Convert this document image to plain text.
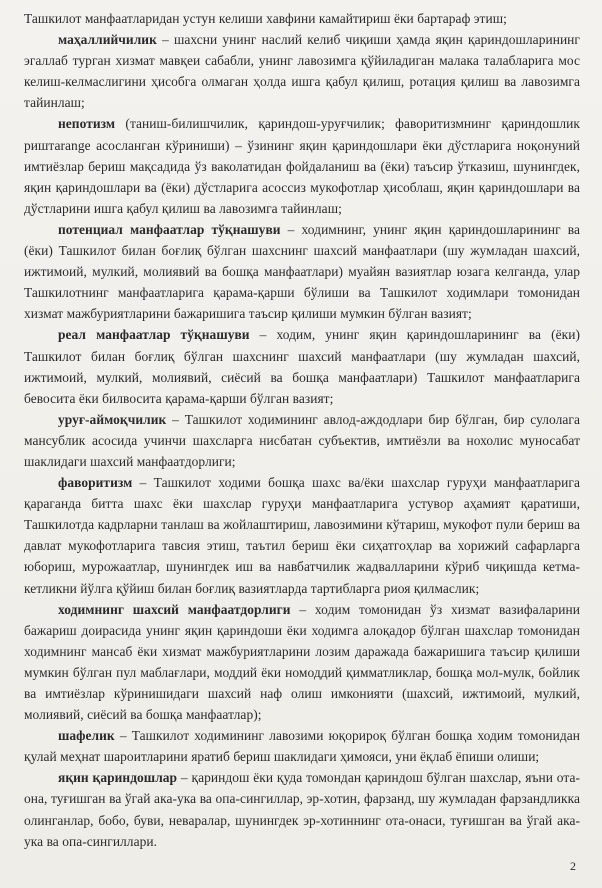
Ташкилот манфаатларидан устун келиши хавфини камайтириш ёки бартараф этиш;

маҳаллийчилик – шахсни унинг наслий келиб чиқиши ҳамда яқин қариндошларининг эгаллаб турган хизмат мавқеи сабабли, унинг лавозимга қўйиладиган малака талабларига мос келиш-келмаслигини ҳисобга олмаган ҳолда ишга қабул қилиш, ротация қилиш ва лавозимга тайинлаш;

непотизм (таниш-билишчилик, қариндош-уруғчилик; фаворитизмнинг қариндошлик риштаrange асосланган кўриниши) – ўзининг яқин қариндошлари ёки дўстларига ноқонуний имтиёзлар бериш мақсадида ўз ваколатидан фойдаланиш ва (ёки) таъсир ўтказиш, шунингдек, яқин қариндошлари ва (ёки) дўстларига асоссиз мукофотлар ҳисоблаш, яқин қариндошлари ва дўстларини ишга қабул қилиш ва лавозимга тайинлаш;

потенциал манфаатлар тўқнашуви – ходимнинг, унинг яқин қариндошларининг ва (ёки) Ташкилот билан боғлиқ бўлган шахснинг шахсий манфаатлари (шу жумладан шахсий, ижтимоий, мулкий, молиявий ва бошқа манфаатлари) муайян вазиятлар юзага келганда, улар Ташкилотнинг манфаатларига қарама-қарши бўлиши ва Ташкилот ходимлари томонидан хизмат мажбуриятларини бажаришига таъсир қилиши мумкин бўлган вазият;

реал манфаатлар тўқнашуви – ходим, унинг яқин қариндошларининг ва (ёки) Ташкилот билан боғлиқ бўлган шахснинг шахсий манфаатлари (шу жумладан шахсий, ижтимоий, мулкий, молиявий, сиёсий ва бошқа манфаатлари) Ташкилот манфаатларига бевосита ёки билвосита қарама-қарши бўлган вазият;

уруғ-аймоқчилик – Ташкилот ходимининг авлод-аждодлари бир бўлган, бир сулолага мансублик асосида учинчи шахсларга нисбатан субъектив, имтиёзли ва нохолис муносабат шаклидаги шахсий манфаатдорлиги;

фаворитизм – Ташкилот ходими бошқа шахс ва/ёки шахслар гуруҳи манфаатларига қараганда битта шахс ёки шахслар гуруҳи манфаатларига устувор аҳамият қаратиши, Ташкилотда кадрларни танлаш ва жойлаштириш, лавозимини кўтариш, мукофот пули бериш ва давлат мукофотларига тавсия этиш, таътил бериш ёки сиҳатгоҳлар ва хорижий сафарларга юбориш, мурожаатлар, шунингдек иш ва навбатчилик жадвалларини кўриб чиқишда кетма-кетликни йўлга қўйиш билан боғлиқ вазиятларда тартибларга риоя қилмаслик;

ходимнинг шахсий манфаатдорлиги – ходим томонидан ўз хизмат вазифаларини бажариш доирасида унинг яқин қариндоши ёки ходимга алоқадор бўлган шахслар томонидан ходимнинг мансаб ёки хизмат мажбуриятларини лозим даражада бажаришига таъсир қилиши мумкин бўлган пул маблағлари, моддий ёки номоддий қимматликлар, бошқа мол-мулк, бойлик ва имтиёзлар кўринишидаги шахсий наф олиш имконияти (шахсий, ижтимоий, мулкий, молиявий, сиёсий ва бошқа манфаатлар);

шафелик – Ташкилот ходимининг лавозими юқорироқ бўлган бошқа ходим томонидан қулай меҳнат шароитларини яратиб бериш шаклидаги ҳимояси, уни ёқлаб ёпиши олиши;

яқин қариндошлар – қариндош ёки қуда томондан қариндош бўлган шахслар, яъни ота-она, туғишган ва ўгай ака-ука ва опа-сингиллар, эр-хотин, фарзанд, шу жумладан фарзандликка олинганлар, бобо, буви, невaралар, шунингдек эр-хотиннинг ота-онаси, туғишган ва ўгай ака-ука ва опа-сингиллари.

2
